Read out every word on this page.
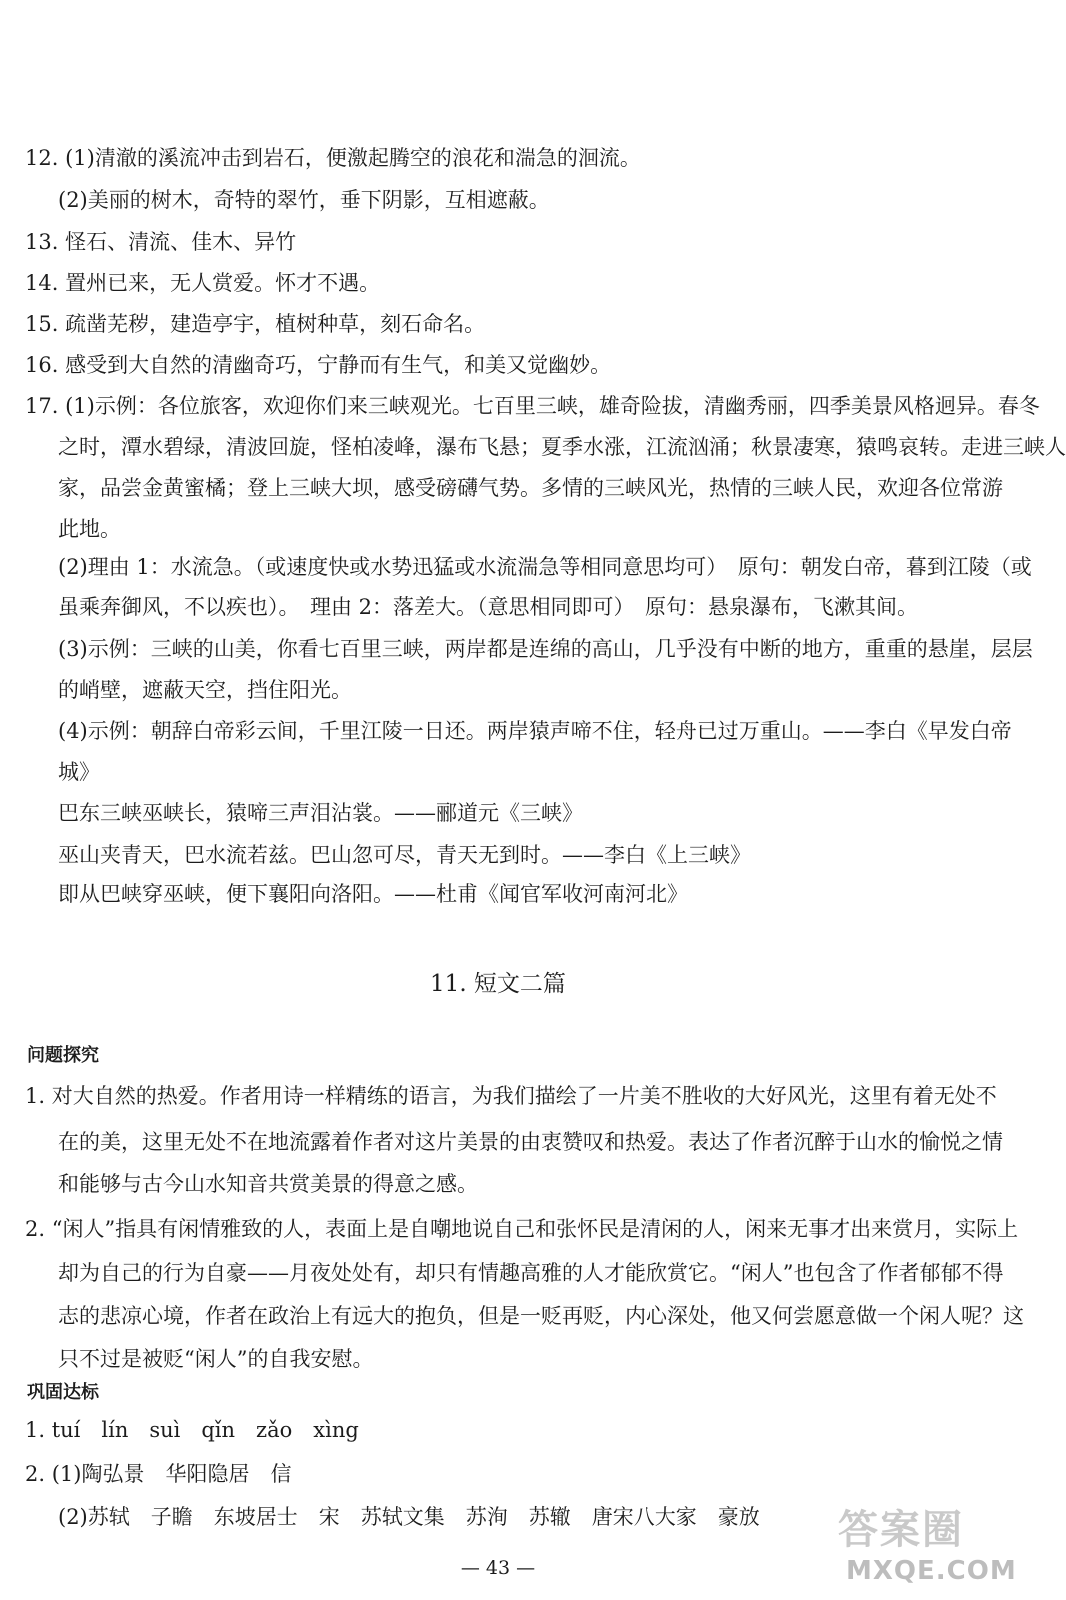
12. (1)清澈的溪流冲击到岩石，便激起腾空的浪花和湍急的洄流。
(2)美丽的树木，奇特的翠竹，垂下阴影，互相遮蔽。
13. 怪石、清流、佳木、异竹
14. 置州已来，无人赏爱。怀才不遇。
15. 疏凿芜秽，建造亭宇，植树种草，刻石命名。
16. 感受到大自然的清幽奇巧，宁静而有生气，和美又觉幽妙。
17. (1)示例：各位旅客，欢迎你们来三峡观光。七百里三峡，雄奇险拔，清幽秀丽，四季美景风格迥异。春冬
之时，潭水碧绿，清波回旋，怪柏凌峰，瀑布飞悬；夏季水涨，江流汹涌；秋景凄寒，猿鸣哀转。走进三峡人
家，品尝金黄蜜橘；登上三峡大坝，感受磅礴气势。多情的三峡风光，热情的三峡人民，欢迎各位常游
此地。
(2)理由 1：水流急。（或速度快或水势迅猛或水流湍急等相同意思均可）　原句：朝发白帝，暮到江陵（或
虽乘奔御风，不以疾也）。　理由 2：落差大。（意思相同即可）　原句：悬泉瀑布，飞漱其间。
(3)示例：三峡的山美，你看七百里三峡，两岸都是连绵的高山，几乎没有中断的地方，重重的悬崖，层层
的峭壁，遮蔽天空，挡住阳光。
(4)示例：朝辞白帝彩云间，千里江陵一日还。两岸猿声啼不住，轻舟已过万重山。——李白《早发白帝
城》
巴东三峡巫峡长，猿啼三声泪沾裳。——郦道元《三峡》
巫山夹青天，巴水流若兹。巴山忽可尽，青天无到时。——李白《上三峡》
即从巴峡穿巫峡，便下襄阳向洛阳。——杜甫《闻官军收河南河北》
11. 短文二篇
问题探究
1. 对大自然的热爱。作者用诗一样精练的语言，为我们描绘了一片美不胜收的大好风光，这里有着无处不
在的美，这里无处不在地流露着作者对这片美景的由衷赞叹和热爱。表达了作者沉醉于山水的愉悦之情
和能够与古今山水知音共赏美景的得意之感。
2. “闲人”指具有闲情雅致的人，表面上是自嘲地说自己和张怀民是清闲的人，闲来无事才出来赏月，实际上
却为自己的行为自豪——月夜处处有，却只有情趣高雅的人才能欣赏它。“闲人”也包含了作者郁郁不得
志的悲凉心境，作者在政治上有远大的抱负，但是一贬再贬，内心深处，他又何尝愿意做一个闲人呢？这
只不过是被贬“闲人”的自我安慰。
巩固达标
1. tuí　lín　suì　qǐn　zǎo　xìng
2. (1)陶弘景　华阳隐居　信
(2)苏轼　子瞻　东坡居士　宋　苏轼文集　苏洵　苏辙　唐宋八大家　豪放
— 43 —
答案圈
MXQE.COM
